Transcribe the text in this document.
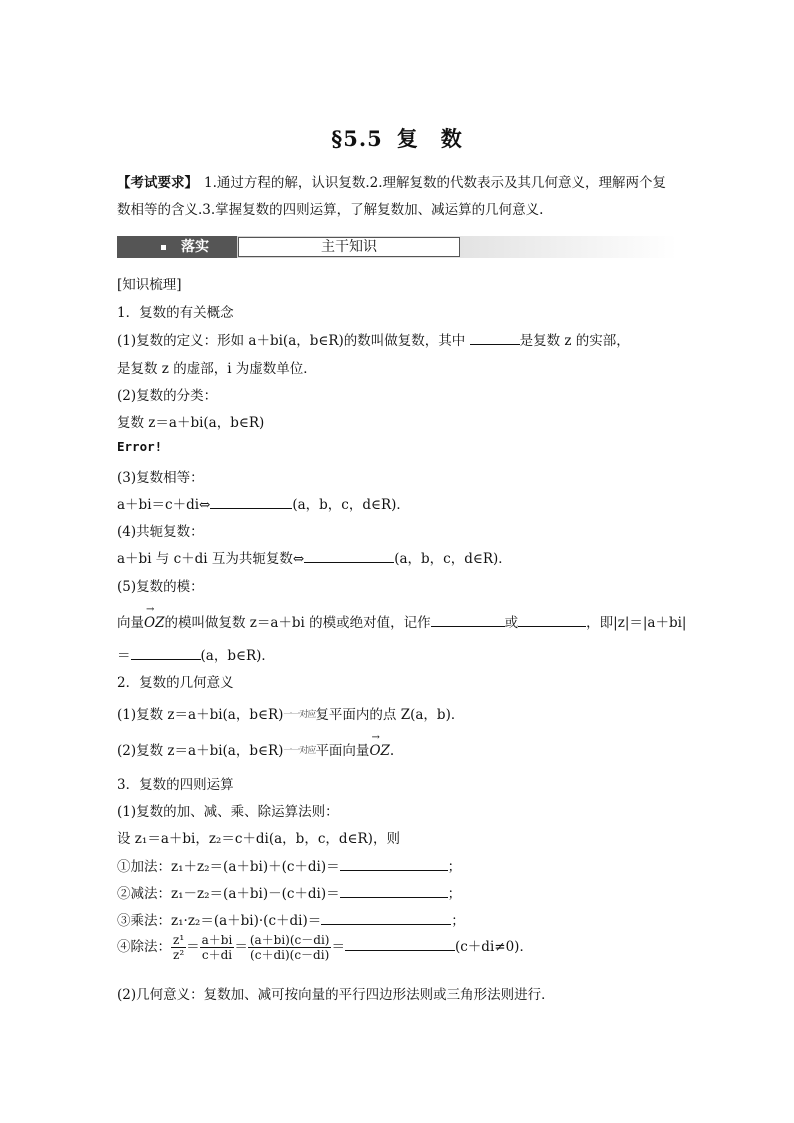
§5.5 复　数
【考试要求】 1.通过方程的解，认识复数.2.理解复数的代数表示及其几何意义，理解两个复数相等的含义.3.掌握复数的四则运算，了解复数加、减运算的几何意义.
落实	主干知识
[知识梳理]
1．复数的有关概念
(1)复数的定义：形如 a＋bi(a，b∈R)的数叫做复数，其中	是复数 z 的实部，
是复数 z 的虚部，i 为虚数单位．
(2)复数的分类：
复数 z＝a＋bi(a，b∈R)
Error!
(3)复数相等：
a＋bi＝c＋di⇔	(a，b，c，d∈R)．
(4)共轭复数：
a＋bi 与 c＋di 互为共轭复数⇔	(a，b，c，d∈R)．
(5)复数的模：
向量→ OZ的模叫做复数 z＝a＋bi 的模或绝对值，记作	或	，即|z|＝|a＋bi|
＝	(a，b∈R)．
2．复数的几何意义
(1)复数 z＝a＋bi(a，b∈R)一一对应复平面内的点 Z(a，b)．
(2)复数 z＝a＋bi(a，b∈R)一一对应平面向量→ OZ.
3．复数的四则运算
(1)复数的加、减、乘、除运算法则：
设 z₁＝a＋bi，z₂＝c＋di(a，b，c，d∈R)，则
①加法：z₁＋z₂＝(a＋bi)＋(c＋di)＝	；
②减法：z₁－z₂＝(a＋bi)－(c＋di)＝	；
③乘法：z₁·z₂＝(a＋bi)·(c＋di)＝	；
④除法： $\frac{\text{z¹}}{\text{z²}} = \frac{a+bi}{c+di} = \frac{(a+bi)(c-di)}{(c+di)(c-di)}$ ＝	(c＋di≠0)．
(2)几何意义：复数加、减可按向量的平行四边形法则或三角形法则进行．
